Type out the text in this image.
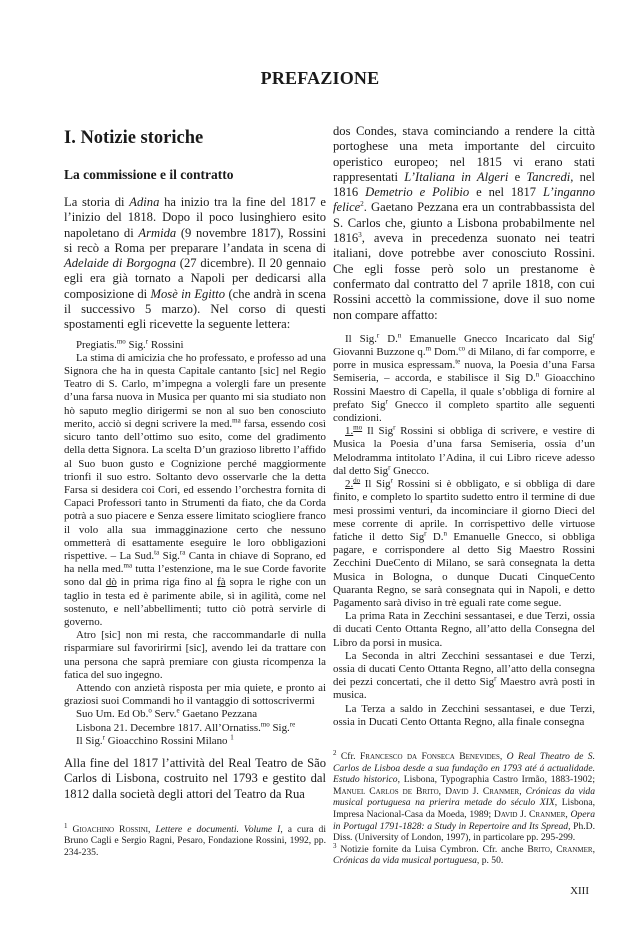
PREFAZIONE
I. Notizie storiche
La commissione e il contratto

La storia di Adina ha inizio tra la fine del 1817 e l’inizio del 1818. Dopo il poco lusinghiero esito napoletano di Armida (9 novembre 1817), Rossini si recò a Roma per preparare l’andata in scena di Adelaide di Borgogna (27 dicembre). Il 20 gennaio egli era già tornato a Napoli per dedicarsi alla composizione di Mosè in Egitto (che andrà in scena il successivo 5 marzo). Nel corso di questi spostamenti egli ricevette la seguente lettera:

Pregiatis.$^{mo}$ Sig.$^r$ Rossini

La stima di amicizia che ho professato, e professo ad una Signora che ha in questa Capitale cantanto [sic] nel Regio Teatro di S. Carlo, m’impegna a volergli fare un presente d’una farsa nuova in Musica per quanto mi sia studiato non hò saputo meglio dirigermi se non al suo ben conosciuto merito, acciò si degni scrivere la med.$^{ma}$ farsa, essendo così sicuro tanto dell’ottimo suo esito, come del gradimento della detta Signora. La scelta D’un grazioso libretto l’affido al Suo buon gusto e Cognizione perché maggiormente trionfi il suo estro. Soltanto devo osservarle che la detta Farsa si desidera coi Cori, ed essendo l’orchestra fornita di Capaci Professori tanto in Strumenti da fiato, che da Corda potrà a suo piacere e Senza essere limitato sciogliere franco il volo alla sua immagginazione certo che nessuno ommetterà di esattamente eseguire le loro obbligazioni rispettive. – La Sud.$^{ta}$ Sig.$^{ra}$ Canta in chiave di Soprano, ed ha nella med.$^{ma}$ tutta l’estenzione, ma le sue Corde favorite sono dal dò in prima riga fino al fà sopra le righe con un taglio in testa ed è parimente abile, sì in agilità, come nel sostenuto, e nell’abbellimenti; tutto ciò potrà servirle di governo.

Atro [sic] non mi resta, che raccommandarle di nulla risparmiare sul favoririrmi [sic], avendo lei da trattare con una persona che saprà premiare con giusta ricompenza la fatica del suo ingegno.

Attendo con anzietà risposta per mia quiete, e pronto ai graziosi suoi Commandi ho il vantaggio di sottoscrivermi

Suo Um. Ed Ob.$^o$ Serv.$^e$ Gaetano Pezzana

Lisbona 21. Decembre 1817. All’Ornatiss.$^{mo}$ Sig.$^{re}$

Il Sig.$^r$ Gioacchino Rossini Milano $^1$

Alla fine del 1817 l’attività del Real Teatro de São Carlos di Lisbona, costruito nel 1793 e gestito dal 1812 dalla società degli attori del Teatro da Rua

$^1$ Gioachino Rossini, Lettere e documenti. Volume I, a cura di Bruno Cagli e Sergio Ragni, Pesaro, Fondazione Rossini, 1992, pp. 234-235.

dos Condes, stava cominciando a rendere la città portoghese una meta importante del circuito operistico europeo; nel 1815 vi erano stati rappresentati L’Italiana in Algeri e Tancredi, nel 1816 Demetrio e Polibio e nel 1817 L’inganno felice$^2$. Gaetano Pezzana era un contrabbassista del S. Carlos che, giunto a Lisbona probabilmente nel 1816$^3$, aveva in precedenza suonato nei teatri italiani, dove potrebbe aver conosciuto Rossini. Che egli fosse però solo un prestanome è confermato dal contratto del 7 aprile 1818, con cui Rossini accettò la commissione, dove il suo nome non compare affatto:

Il Sig.$^r$ D.$^n$ Emanuelle Gnecco Incaricato dal Sig$^r$ Giovanni Buzzone q.$^m$ Dom.$^{co}$ di Milano, di far comporre, e porre in musica espressam.$^{te}$ nuova, la Poesia d’una Farsa Semiseria, – accorda, e stabilisce il Sig D.$^n$ Gioacchino Rossini Maestro di Capella, il quale s’obbliga di fornire al prefato Sig$^r$ Gnecco il completo spartito alle seguenti condizioni.

1.$^{mo}$ Il Sig$^r$ Rossini si obbliga di scrivere, e vestire di Musica la Poesia d’una farsa Semiseria, ossia d’un Melodramma intitolato l’Adina, il cui Libro riceve adesso dal detto Sig$^r$ Gnecco.

2.$^{do}$ Il Sig$^r$ Rossini si è obbligato, e si obbliga di dare finito, e completo lo spartito sudetto entro il termine di due mesi prossimi venturi, da incominciare il giorno Dieci del mese corrente di aprile. In corrispettivo delle virtuose fatiche il detto Sig$^r$ D.$^n$ Emanuelle Gnecco, si obbliga pagare, e corrispondere al detto Sig Maestro Rossini Zecchini DueCento di Milano, se sarà consegnata la detta Musica in Bologna, o dunque Ducati CinqueCento Quaranta Regno, se sarà consegnata qui in Napoli, e detto Pagamento sarà diviso in trè eguali rate come segue.

La prima Rata in Zecchini sessantasei, e due Terzi, ossia di ducati Cento Ottanta Regno, all’atto della Consegna del Libro da porsi in musica.

La Seconda in altri Zecchini sessantasei e due Terzi, ossia di ducati Cento Ottanta Regno, all’atto della consegna dei pezzi concertati, che il detto Sig$^r$ Maestro avrà posti in musica.

La Terza a saldo in Zecchini sessantasei, e due Terzi, ossia in Ducati Cento Ottanta Regno, alla finale consegna

$^2$ Cfr. Francesco da Fonseca Benevides, O Real Theatro de S. Carlos de Lisboa desde a sua fundação en 1793 até á actualidade. Estudo historico, Lisbona, Typographia Castro Irmão, 1883-1902; Manuel Carlos de Brito, David J. Cranmer, Crónicas da vida musical portuguesa na prierira metade do século XIX, Lisbona, Impresa Nacional-Casa da Moeda, 1989; David J. Cranmer, Opera in Portugal 1791-1828: a Study in Repertoire and Its Spread, Ph.D. Diss. (University of London, 1997), in particolare pp. 295-299.
$^3$ Notizie fornite da Luisa Cymbron. Cfr. anche Brito, Cranmer, Crónicas da vida musical portuguesa, p. 50.
XIII
